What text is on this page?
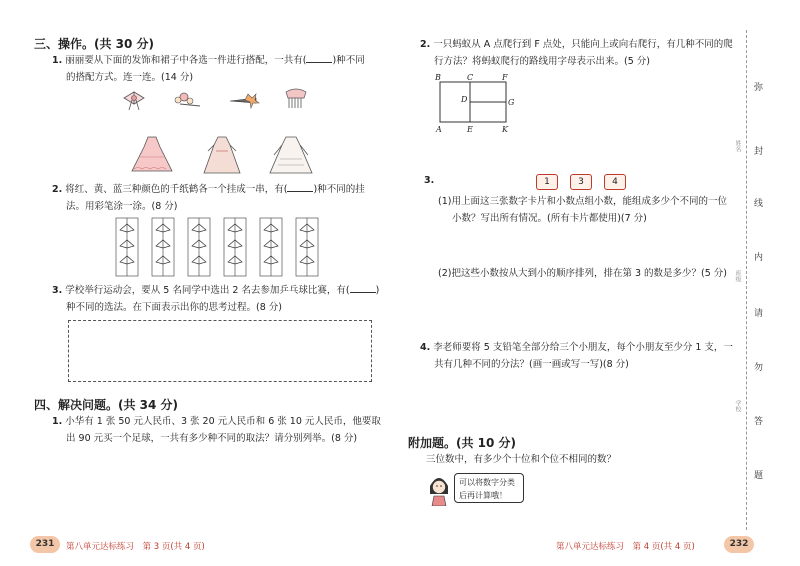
三、操作。(共 30 分)
1. 丽丽要从下面的发饰和裙子中各选一件进行搭配，一共有(	)种不同
的搭配方式。连一连。(14 分)
2. 将红、黄、蓝三种颜色的千纸鹤各一个挂成一串，有(	)种不同的挂
法。用彩笔涂一涂。(8 分)
3. 学校举行运动会，要从 5 名同学中选出 2 名去参加乒乓球比赛，有(	)
种不同的选法。在下面表示出你的思考过程。(8 分)
四、解决问题。(共 34 分)
1. 小华有 1 张 50 元人民币、3 张 20 元人民币和 6 张 10 元人民币，他要取
出 90 元买一个足球，一共有多少种不同的取法？请分别列举。(8 分)
2. 一只蚂蚁从 A 点爬行到 F 点处，只能向上或向右爬行，有几种不同的爬
行方法？将蚂蚁爬行的路线用字母表示出来。(5 分)
B	C	F
D	G
A	E	K
3.	1	3	4
(1)用上面这三张数字卡片和小数点组小数，能组成多少个不同的一位
小数？写出所有情况。(所有卡片都使用)(7 分)
(2)把这些小数按从大到小的顺序排列，排在第 3 的数是多少？(5 分)
4. 李老师要将 5 支铅笔全部分给三个小朋友，每个小朋友至少分 1 支，一
共有几种不同的分法？(画一画或写一写)(8 分)
附加题。(共 10 分)
三位数中，有多少个十位和个位不相同的数？
可以将数字分类
后再计算哦！
弥
封
线
内
请
勿
答
题
姓名
班级
学校
231	第八单元达标练习　第 3 页(共 4 页)	第八单元达标练习　第 4 页(共 4 页)	232
